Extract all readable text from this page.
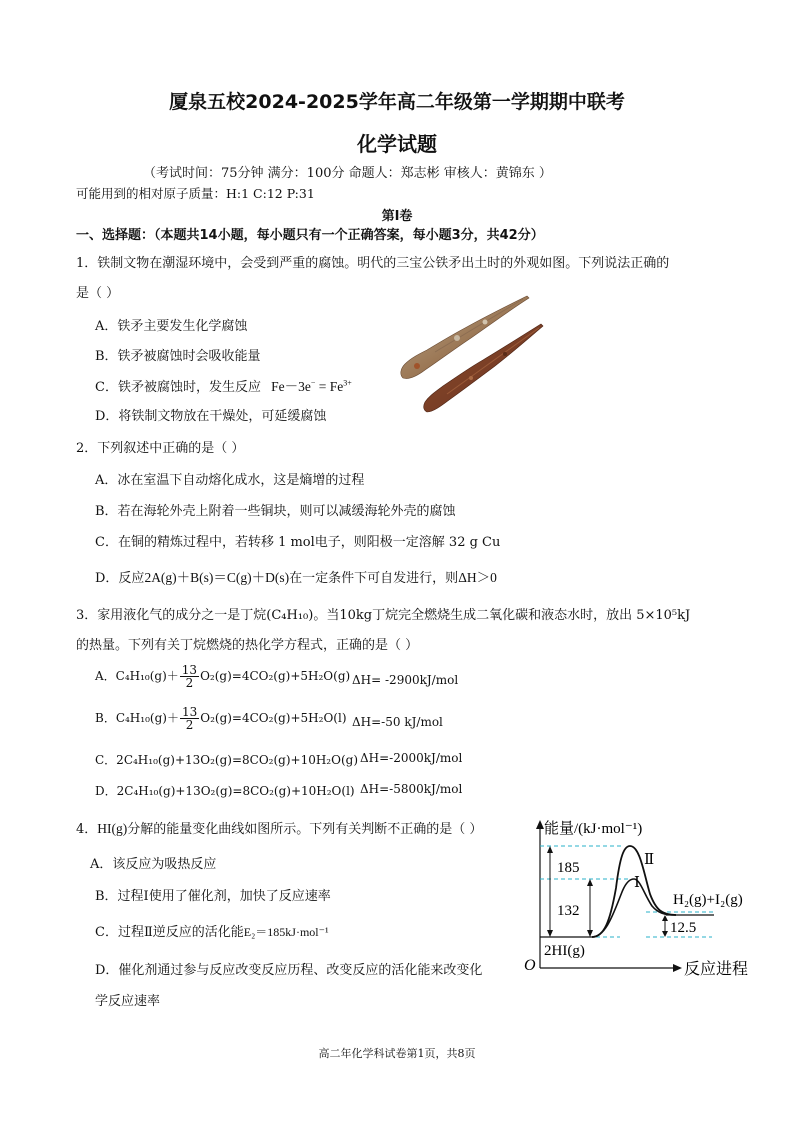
厦泉五校2024-2025学年高二年级第一学期期中联考
化学试题
（考试时间：75分钟 满分：100分 命题人：郑志彬 审核人：黄锦东 ）
可能用到的相对原子质量：H:1 C:12 P:31
第Ⅰ卷
一、选择题：（本题共14小题，每小题只有一个正确答案，每小题3分，共42分）
1．铁制文物在潮湿环境中，会受到严重的腐蚀。明代的三宝公铁矛出土时的外观如图。下列说法正确的
是（ ）
A．铁矛主要发生化学腐蚀
B．铁矛被腐蚀时会吸收能量
C．铁矛被腐蚀时，发生反应 $Fe-3e^- = Fe^{3+}$
D．将铁制文物放在干燥处，可延缓腐蚀
2．下列叙述中正确的是（ ）
A．冰在室温下自动熔化成水，这是熵增的过程
B．若在海轮外壳上附着一些铜块，则可以减缓海轮外壳的腐蚀
C．在铜的精炼过程中，若转移 1 mol电子，则阳极一定溶解 32 g Cu
D．反应2A(g)＋B(s)＝C(g)＋D(s)在一定条件下可自发进行，则ΔH＞0
3．家用液化气的成分之一是丁烷(C₄H₁₀)。当10kg丁烷完全燃烧生成二氧化碳和液态水时，放出 5×10⁵kJ
的热量。下列有关丁烷燃烧的热化学方程式，正确的是（ ）
A．$C_4H_{10}(g)+ \frac{13}{2} O_2(g)=4CO_2(g)+5H_2O(g)$ ΔH= -2900kJ/mol
B．$C_4H_{10}(g)+ \frac{13}{2} O_2(g)=4CO_2(g)+5H_2O(l)$ ΔH=-50 kJ/mol
C．2C₄H₁₀(g)+13O₂(g)=8CO₂(g)+10H₂O(g) ΔH=-2000kJ/mol
D．2C₄H₁₀(g)+13O₂(g)=8CO₂(g)+10H₂O(l) ΔH=-5800kJ/mol
4．HI(g)分解的能量变化曲线如图所示。下列有关判断不正确的是（ ）
A．该反应为吸热反应
B．过程Ⅰ使用了催化剂，加快了反应速率
C．过程Ⅱ逆反应的活化能E₂＝185kJ·mol⁻¹
D．催化剂通过参与反应改变反应历程、改变反应的活化能来改变化
学反应速率
能量/(kJ·mol⁻¹)
反应进程
O
Ⅱ
Ⅰ
185
132
12.5
H₂(g)+I₂(g)
2HI(g)
高二年化学科试卷第1页，共8页
